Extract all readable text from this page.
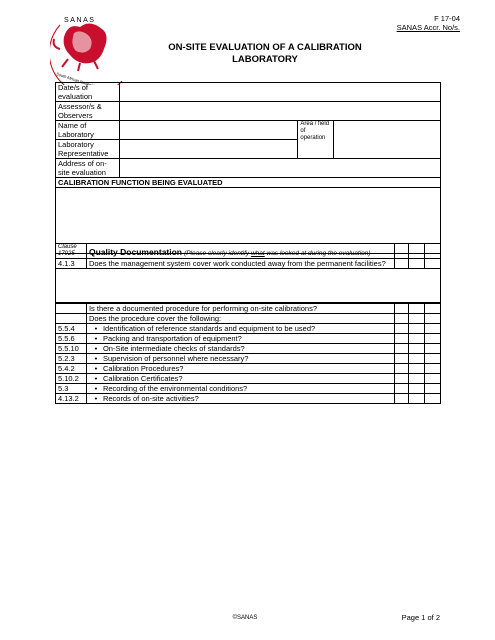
F 17-04
SANAS Accr. No/s.
S A N A S
ON-SITE EVALUATION OF A CALIBRATION
LABORATORY
Date/s of evaluation			
Assessor/s & Observers			
Name of Laboratory		Area / field of operation	
Laboratory Representative			
Address of on-site evaluation			
CALIBRATION FUNCTION BEING EVALUATED			

Clause 17025	Quality Documentation (Please clearly identify what was looked at during the evaluation)			
4.1.3	Does the management system cover work conducted away from the permanent facilities?			

	Is there a documented procedure for performing on-site calibrations?			
	Does the procedure cover the following:			
5.5.4	• Identification of reference standards and equipment to be used?			
5.5.6	• Packing and transportation of equipment?			
5.5.10	• On-Site intermediate checks of standards?			
5.2.3	• Supervision of personnel where necessary?			
5.4.2	• Calibration Procedures?			
5.10.2	• Calibration Certificates?			
5.3	• Recording of the environmental conditions?			
4.13.2	• Records of on-site activities?			
©SANAS	Page 1 of 2
